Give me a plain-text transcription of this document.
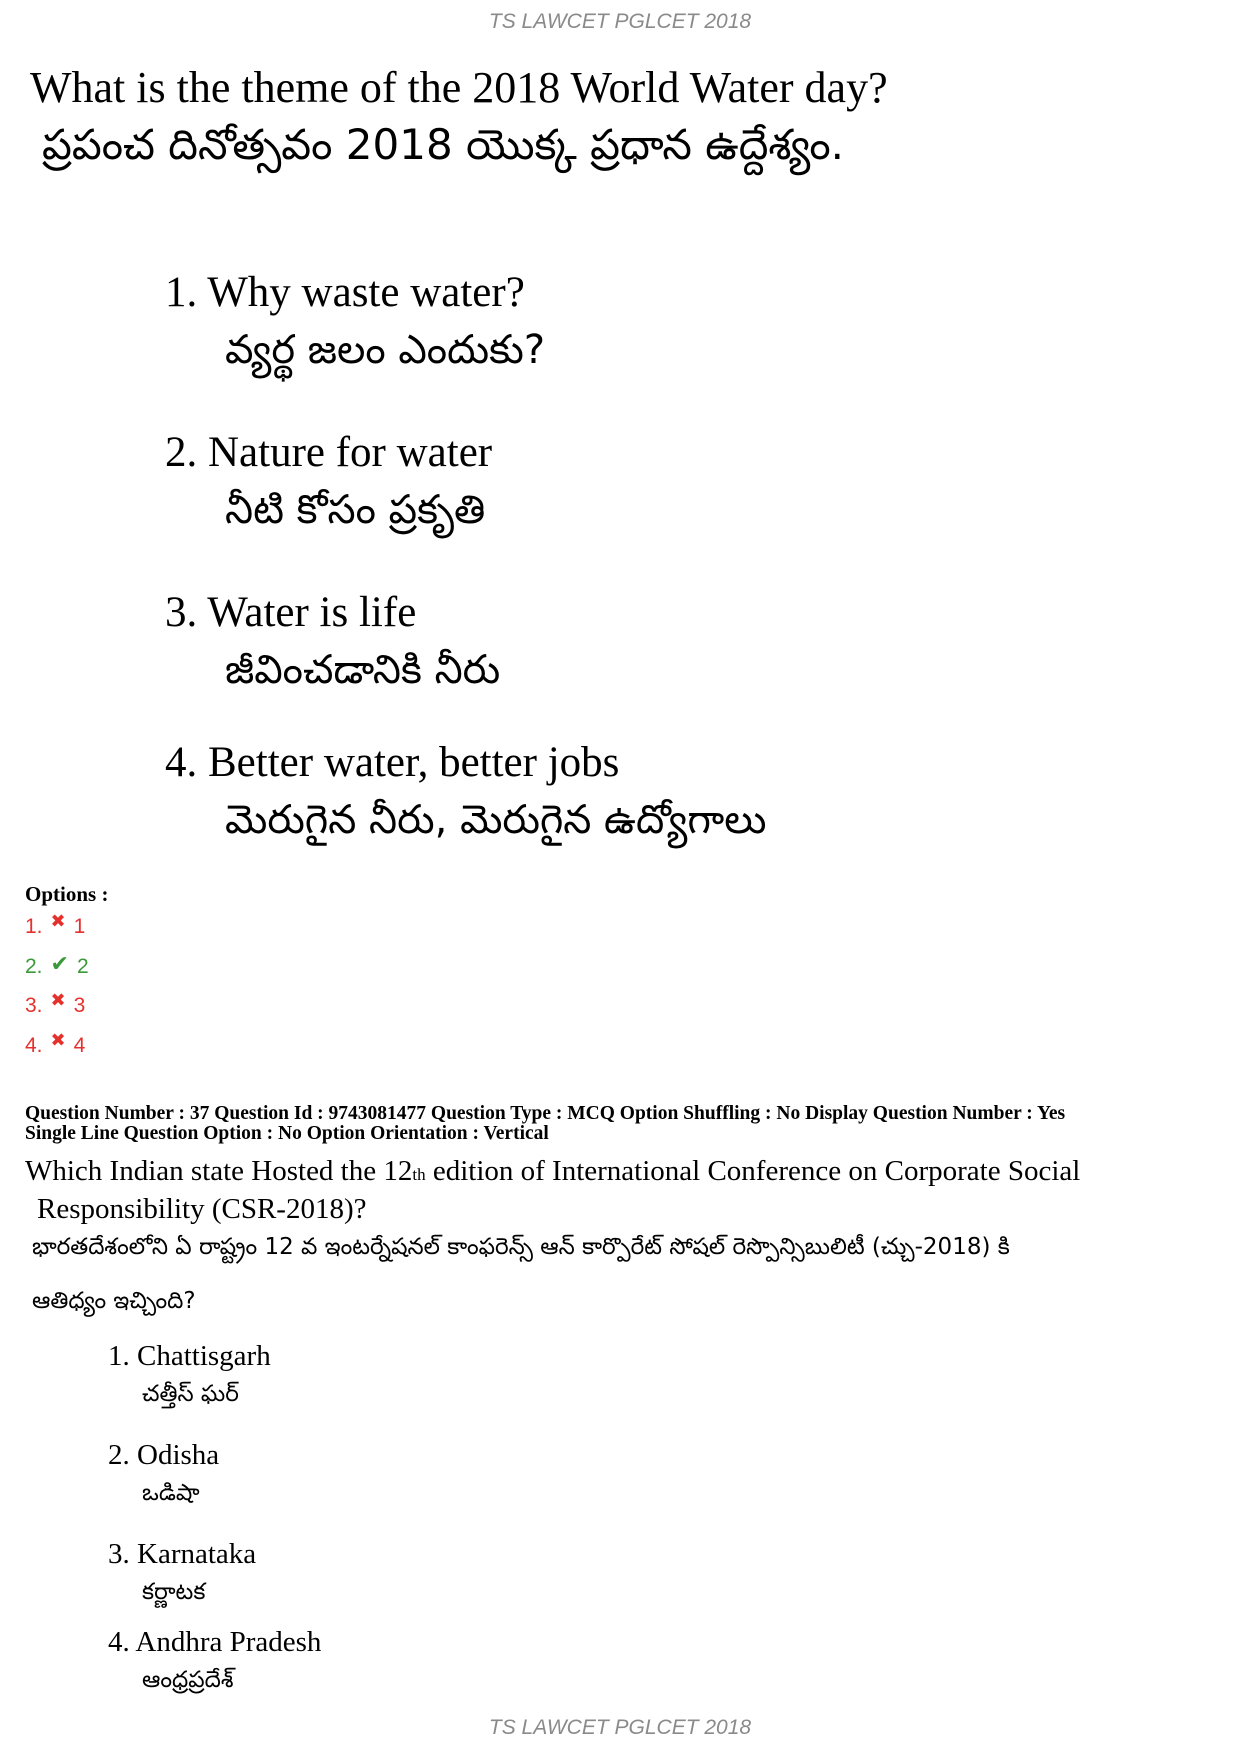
TS LAWCET PGLCET 2018
What is the theme of the 2018 World Water day?
ప్రపంచ దినోత్సవం 2018 యొక్క ప్రధాన ఉద్దేశ్యం.
1. Why waste water?
వ్యర్థ జలం ఎందుకు?
2. Nature for water
నీటి కోసం ప్రకృతి
3. Water is life
జీవించడానికి నీరు
4. Better water, better jobs
మెరుగైన నీరు, మెరుగైన ఉద్యోగాలు
Options :
1. ✖ 1
2. ✔ 2
3. ✖ 3
4. ✖ 4
Question Number : 37 Question Id : 9743081477 Question Type : MCQ Option Shuffling : No Display Question Number : Yes
Single Line Question Option : No Option Orientation : Vertical
Which Indian state Hosted the 12th edition of International Conference on Corporate Social
Responsibility (CSR-2018)?
భారతదేశంలోని ఏ రాష్ట్రం 12 వ ఇంటర్నేషనల్ కాంఫరెన్స్ ఆన్ కార్పొరేట్ సోషల్ రెస్పొన్సిబులిటీ (చ్చు-2018) కి
ఆతిధ్యం ఇచ్చింది?
1. Chattisgarh
చత్తీస్ ఘర్
2. Odisha
ఒడిషా
3. Karnataka
కర్ణాటక
4. Andhra Pradesh
ఆంధ్రప్రదేశ్
TS LAWCET PGLCET 2018
